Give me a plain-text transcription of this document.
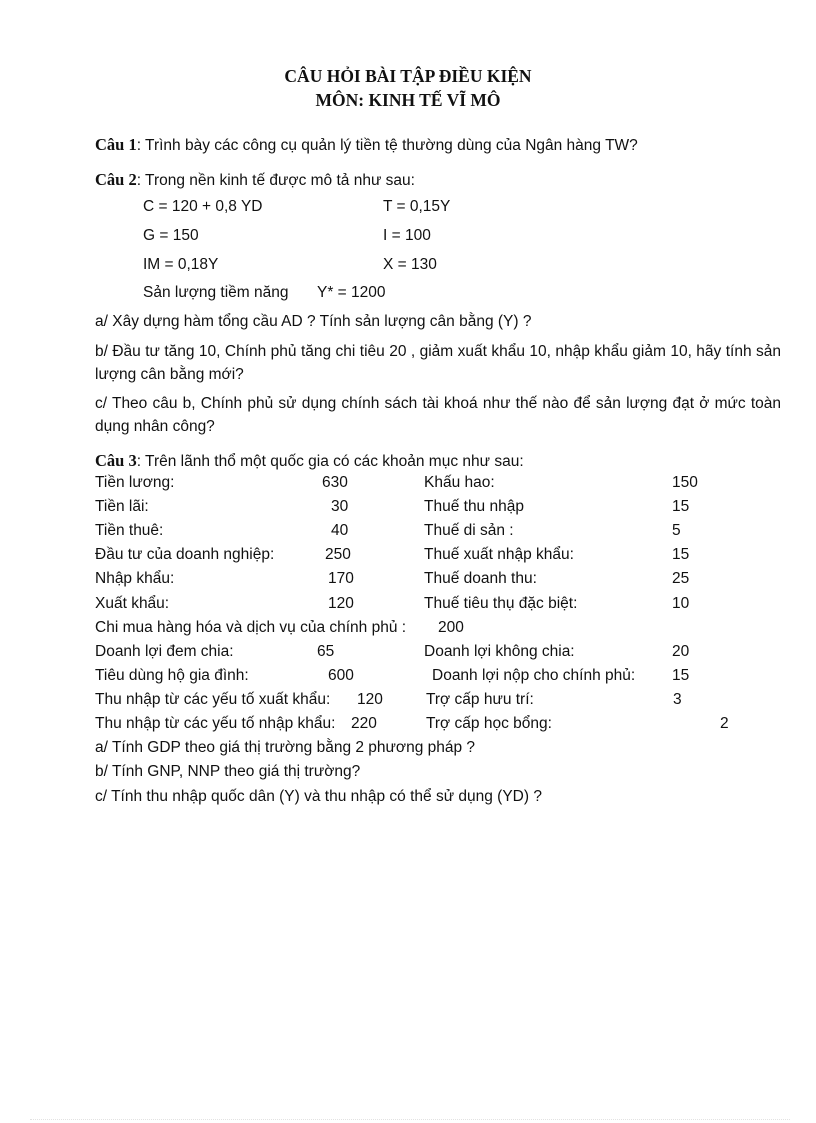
CÂU HỎI BÀI TẬP ĐIỀU KIỆN
MÔN: KINH TẾ VĨ MÔ
Câu 1: Trình bày các công cụ quản lý tiền tệ thường dùng của Ngân hàng TW?
Câu 2: Trong nền kinh tế được mô tả như sau:
C = 120 + 0,8 YD	T = 0,15Y
G = 150	I = 100
IM = 0,18Y	X = 130
Sản lượng tiềm năng Y* = 1200
a/ Xây dựng hàm tổng cầu AD ? Tính sản lượng cân bằng (Y) ?
b/ Đầu tư tăng 10, Chính phủ tăng chi tiêu 20 , giảm xuất khẩu 10, nhập khẩu giảm 10, hãy tính sản lượng cân bằng mới?
c/ Theo câu b, Chính phủ sử dụng chính sách tài khoá như thế nào để sản lượng đạt ở mức toàn dụng nhân công?
Câu 3: Trên lãnh thổ một quốc gia có các khoản mục như sau:
Tiền lương:	630	Khấu hao:	150
Tiền lãi:	30	Thuế thu nhập	15
Tiền thuê:	40	Thuế di sản :	5
Đầu tư của doanh nghiệp:	250	Thuế xuất nhập khẩu:	15
Nhập khẩu:	170	Thuế doanh thu:	25
Xuất khẩu:	120	Thuế tiêu thụ đặc biệt:	10
Chi mua hàng hóa và dịch vụ của chính phủ : 200
Doanh lợi đem chia:	65	Doanh lợi không chia:	20
Tiêu dùng hộ gia đình:	600	Doanh lợi nộp cho chính phủ: 15
Thu nhập từ các yếu tố xuất khẩu: 120	Trợ cấp hưu trí:	3
Thu nhập từ các yếu tố nhập khẩu: 220	Trợ cấp học bổng:	2
a/ Tính GDP theo giá thị trường bằng 2 phương pháp ?
b/ Tính GNP, NNP theo giá thị trường?
c/ Tính thu nhập quốc dân (Y) và thu nhập có thể sử dụng (YD) ?
